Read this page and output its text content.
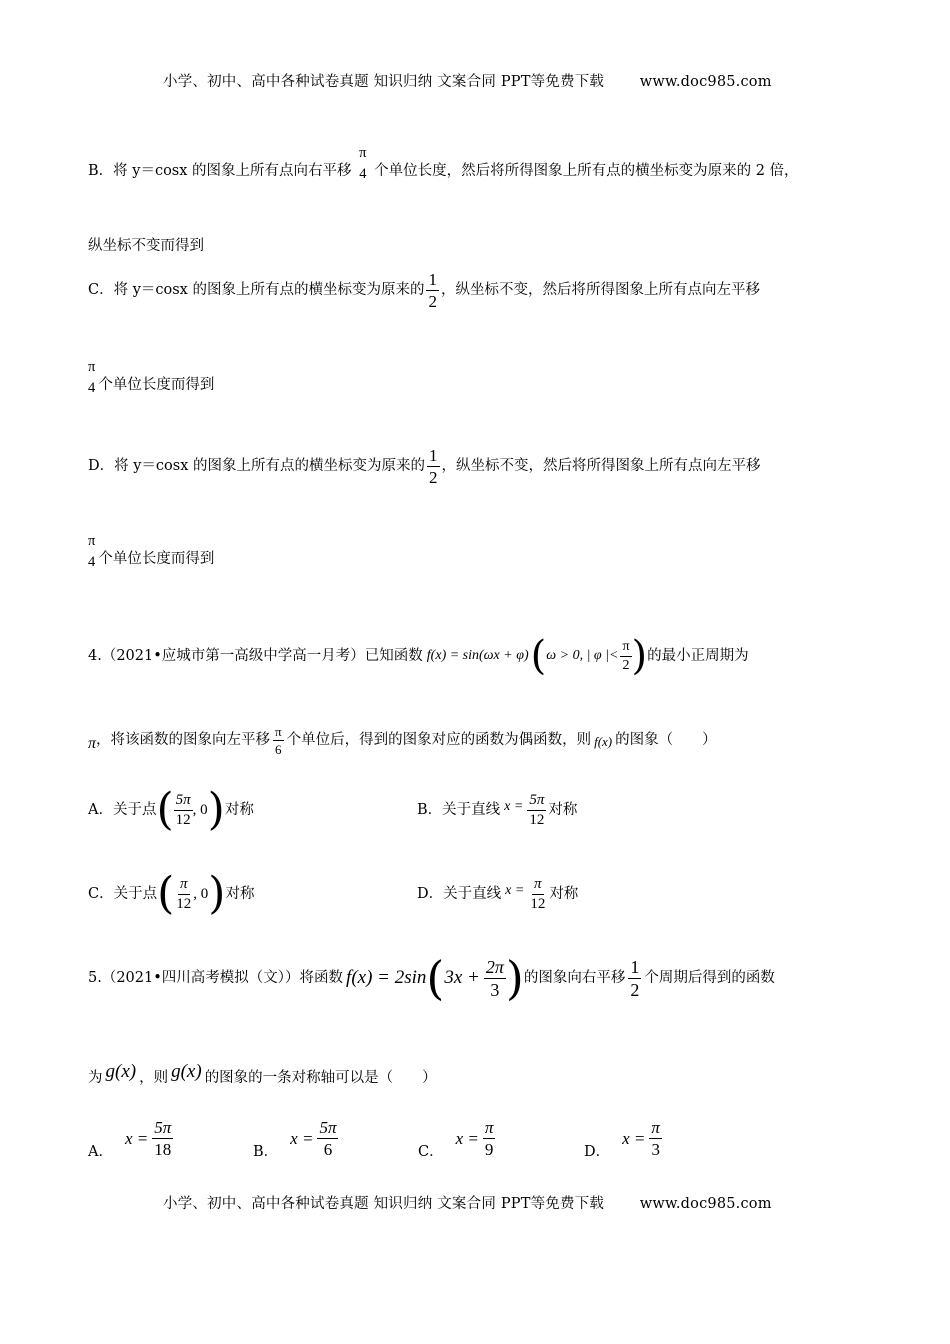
小学、初中、高中各种试卷真题 知识归纳 文案合同 PPT等免费下载 www.doc985.com
B．将 y＝cosx 的图象上所有点向右平移
π
4 个单位长度，然后将所得图象上所有点的横坐标变为原来的 2 倍，
纵坐标不变而得到
C．将 y＝cosx 的图象上所有点的横坐标变为原来的 $\frac{1}{2}$ ，纵坐标不变，然后将所得图象上所有点向左平移
π
4 个单位长度而得到
D．将 y＝cosx 的图象上所有点的横坐标变为原来的 $\frac{1}{2}$ ，纵坐标不变，然后将所得图象上所有点向左平移
π
4 个单位长度而得到
4.（2021•应城市第一高级中学高一月考）已知函数 f(x) = sin(ωx + φ) ( ω > 0, | φ |< $\frac{\pi}{2}$ ) 的最小正周期为
π ，将该函数的图象向左平移 $\frac{\pi}{6}$ 个单位后，得到的图象对应的函数为偶函数，则 f(x) 的图象（　　）
A．关于点 ( $\frac{5\pi}{12}$ , 0 ) 对称	B．关于直线 $x = \frac{5\pi}{12}$ 对称
C．关于点 ( $\frac{\pi}{12}$ , 0 ) 对称	D．关于直线 $x = \frac{\pi}{12}$ 对称
5.（2021•四川高考模拟（文））将函数 f(x) = 2sin ( $3x + \frac{2\pi}{3}$ ) 的图象向右平移 $\frac{1}{2}$ 个周期后得到的函数
为 g(x) ，则 g(x) 的图象的一条对称轴可以是（　　）
A．
$x = \frac{5\pi}{18}$	B．
$x = \frac{5\pi}{6}$	C．
$x = \frac{\pi}{9}$	D．
$x = \frac{\pi}{3}$
小学、初中、高中各种试卷真题 知识归纳 文案合同 PPT等免费下载 www.doc985.com
